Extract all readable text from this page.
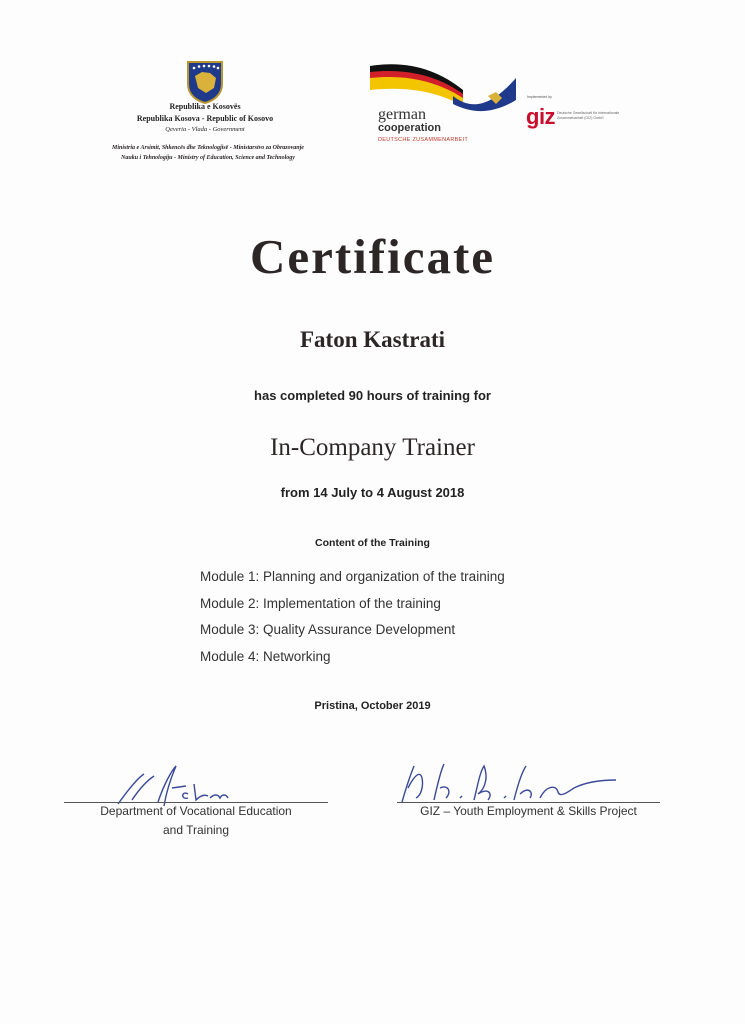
Republika e Kosovës
Republika Kosova - Republic of Kosovo
Qeveria - Vlada - Government
Ministria e Arsimit, Shkencës dhe Teknologjisë - Ministarstvo za Obrazovanje
Nauku i Tehnologiju - Ministry of Education, Science and Technology
german
cooperation
DEUTSCHE ZUSAMMENARBEIT
Implemented by
giz Deutsche Gesellschaft für Internationale Zusammenarbeit (GIZ) GmbH
Certificate
Faton Kastrati
has completed 90 hours of training for
In-Company Trainer
from 14 July to 4 August 2018
Content of the Training
Module 1: Planning and organization of the training
Module 2: Implementation of the training
Module 3: Quality Assurance Development
Module 4: Networking
Pristina, October 2019
Department of Vocational Education
and Training
GIZ – Youth Employment & Skills Project
